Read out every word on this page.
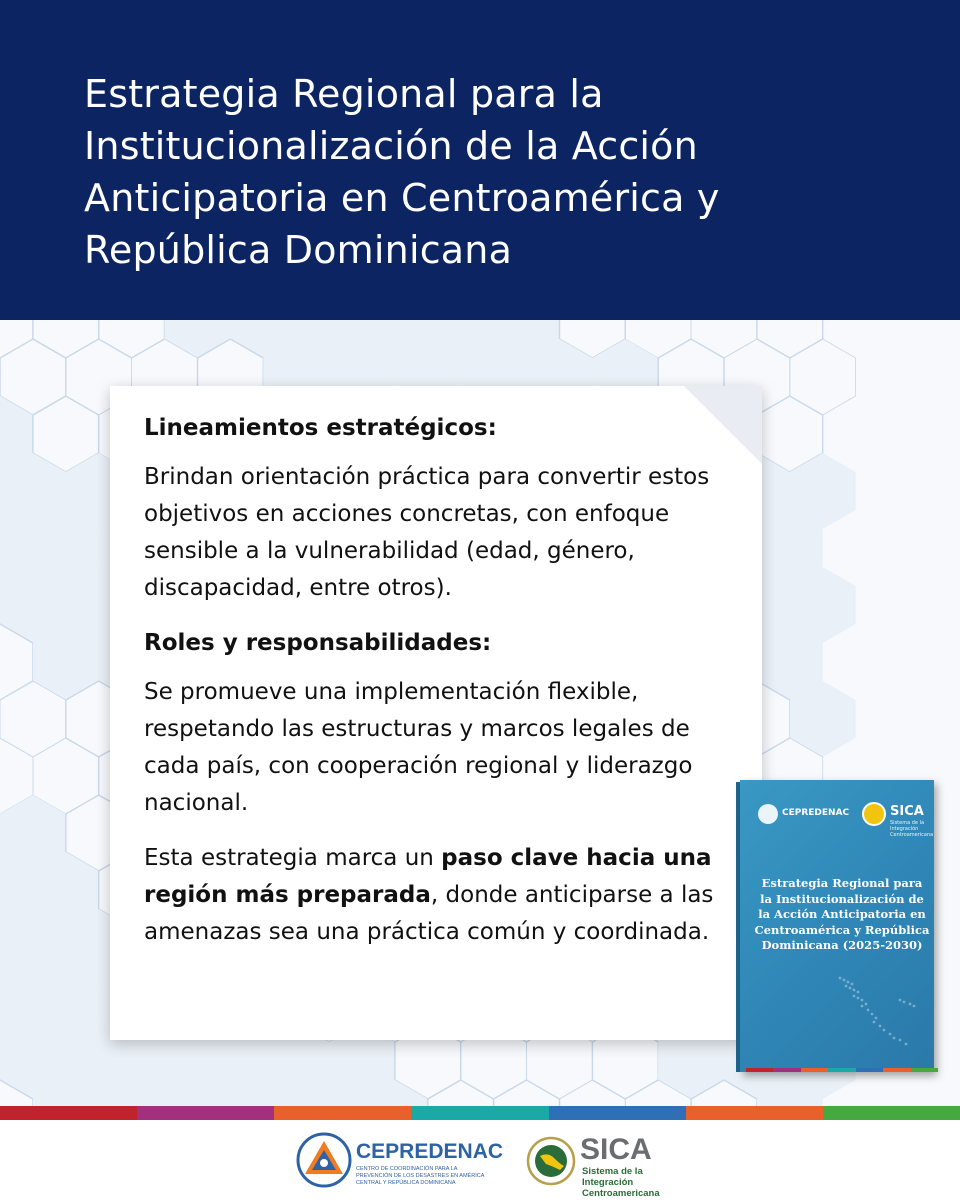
Estrategia Regional para la Institucionalización de la Acción Anticipatoria en Centroamérica y República Dominicana

Lineamientos estratégicos:

Brindan orientación práctica para convertir estos objetivos en acciones concretas, con enfoque sensible a la vulnerabilidad (edad, género, discapacidad, entre otros).

Roles y responsabilidades:

Se promueve una implementación flexible, respetando las estructuras y marcos legales de cada país, con cooperación regional y liderazgo nacional.

Esta estrategia marca un paso clave hacia una región más preparada, donde anticiparse a las amenazas sea una práctica común y coordinada.

CEPREDENAC	SICA
Sistema de la Integración Centroamericana

Estrategia Regional para la Institucionalización de la Acción Anticipatoria en Centroamérica y República Dominicana (2025-2030)

CEPREDENAC

CENTRO DE COORDINACIÓN PARA LA PREVENCIÓN DE LOS DESASTRES EN AMÉRICA CENTRAL Y REPÚBLICA DOMINICANA

SICA

Sistema de la Integración Centroamericana
